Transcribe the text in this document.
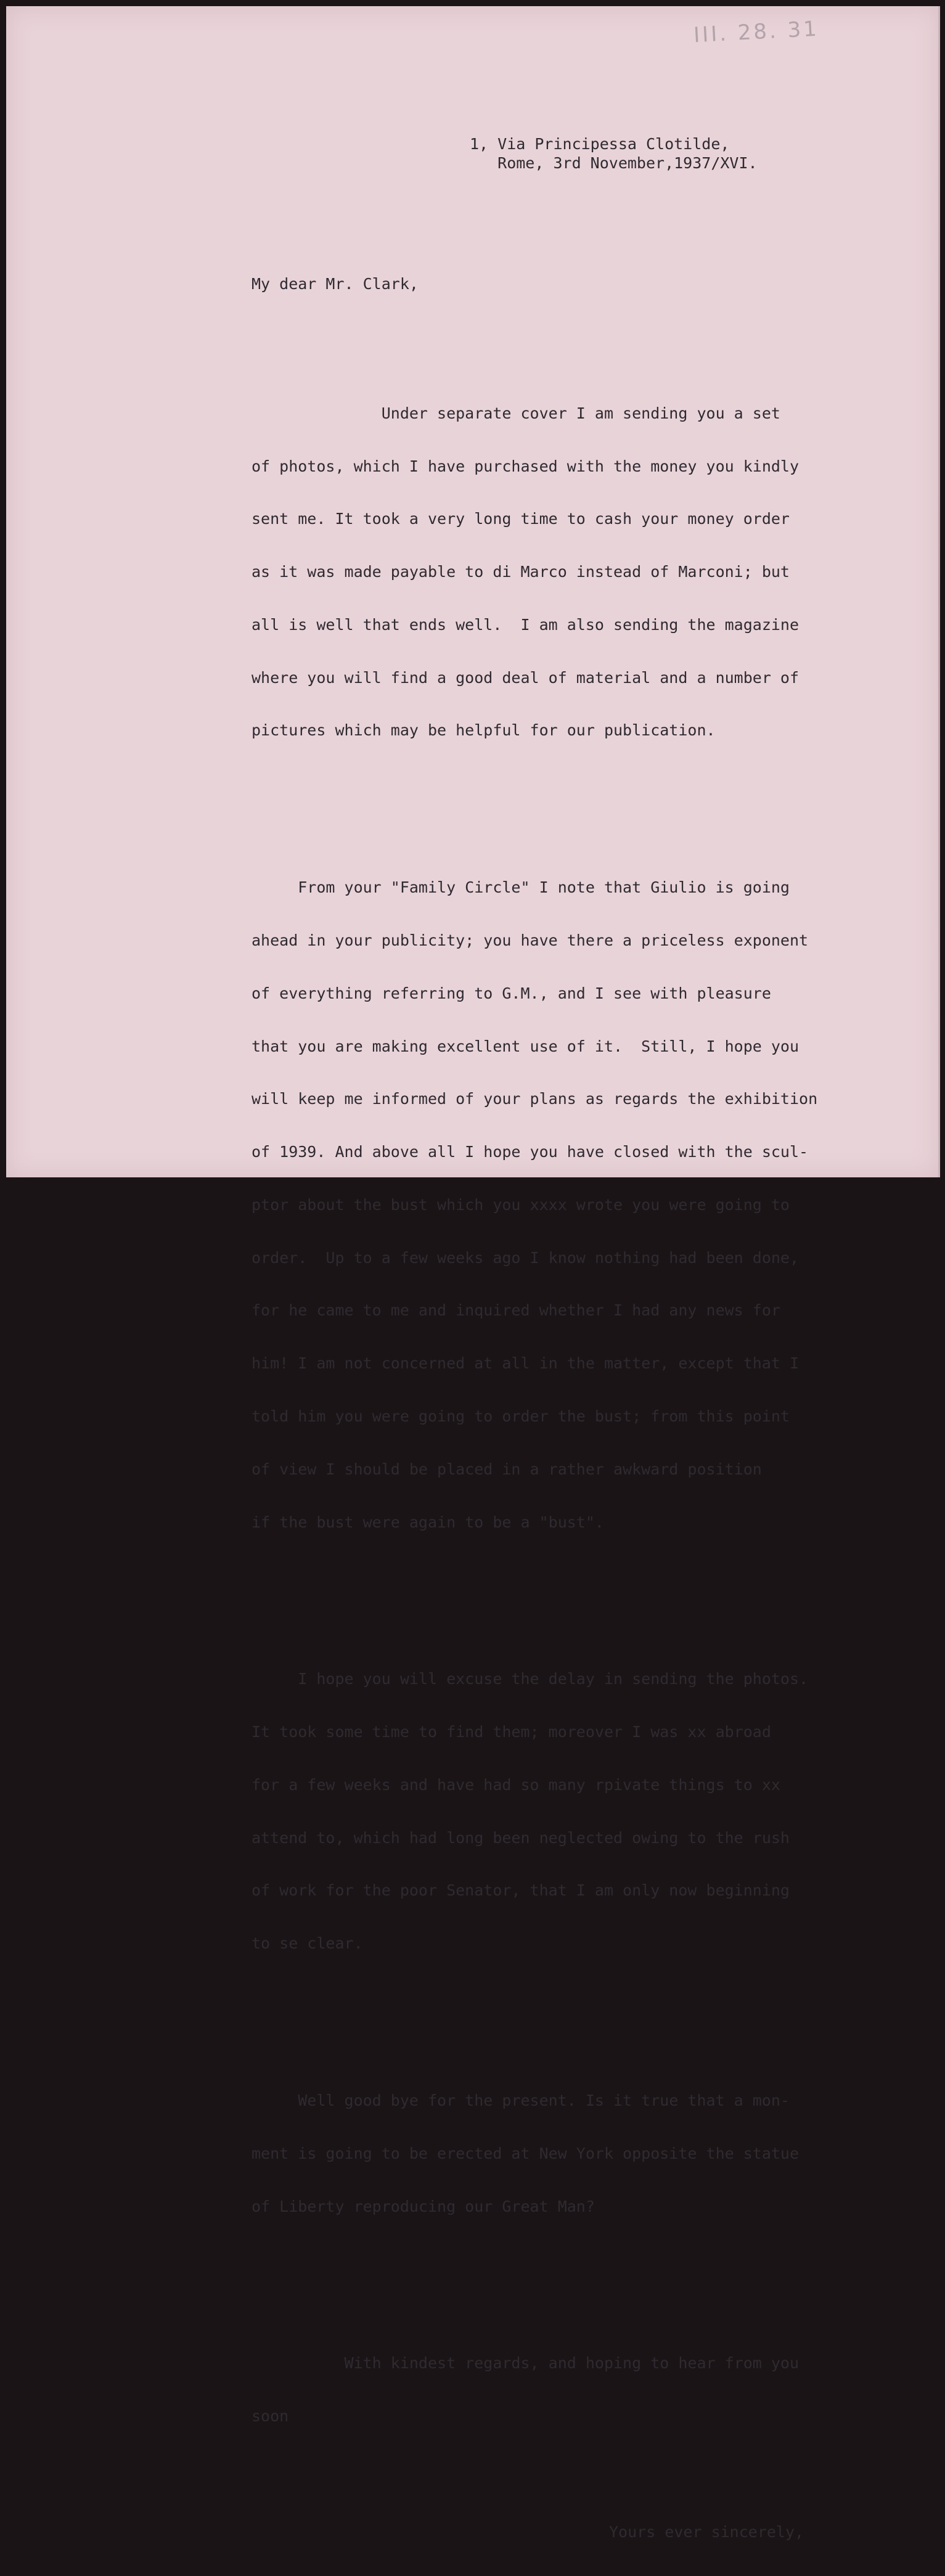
III. 28. 31
1, Via Principessa Clotilde,
Rome, 3rd November,1937/XVI.

My dear Mr. Clark,

Under separate cover I am sending you a set

of photos, which I have purchased with the money you kindly

sent me. It took a very long time to cash your money order

as it was made payable to di Marco instead of Marconi; but

all is well that ends well.  I am also sending the magazine

where you will find a good deal of material and a number of

pictures which may be helpful for our publication.

From your "Family Circle" I note that Giulio is going

ahead in your publicity; you have there a priceless exponent

of everything referring to G.M., and I see with pleasure

that you are making excellent use of it.  Still, I hope you

will keep me informed of your plans as regards the exhibition

of 1939. And above all I hope you have closed with the scul-

ptor about the bust which you xxxx wrote you were going to

order.  Up to a few weeks ago I know nothing had been done,

for he came to me and inquired whether I had any news for

him! I am not concerned at all in the matter, except that I

told him you were going to order the bust; from this point

of view I should be placed in a rather awkward position

if the bust were again to be a "bust".

I hope you will excuse the delay in sending the photos.

It took some time to find them; moreover I was xx abroad

for a few weeks and have had so many rpivate things to xx

attend to, which had long been neglected owing to the rush

of work for the poor Senator, that I am only now beginning

to se clear.

Well good bye for the present. Is it true that a mon-

ment is going to be erected at New York opposite the statue

of Liberty reproducing our Great Man?

With kindest regards, and hoping to hear from you

soon

Yours ever sincerely,
